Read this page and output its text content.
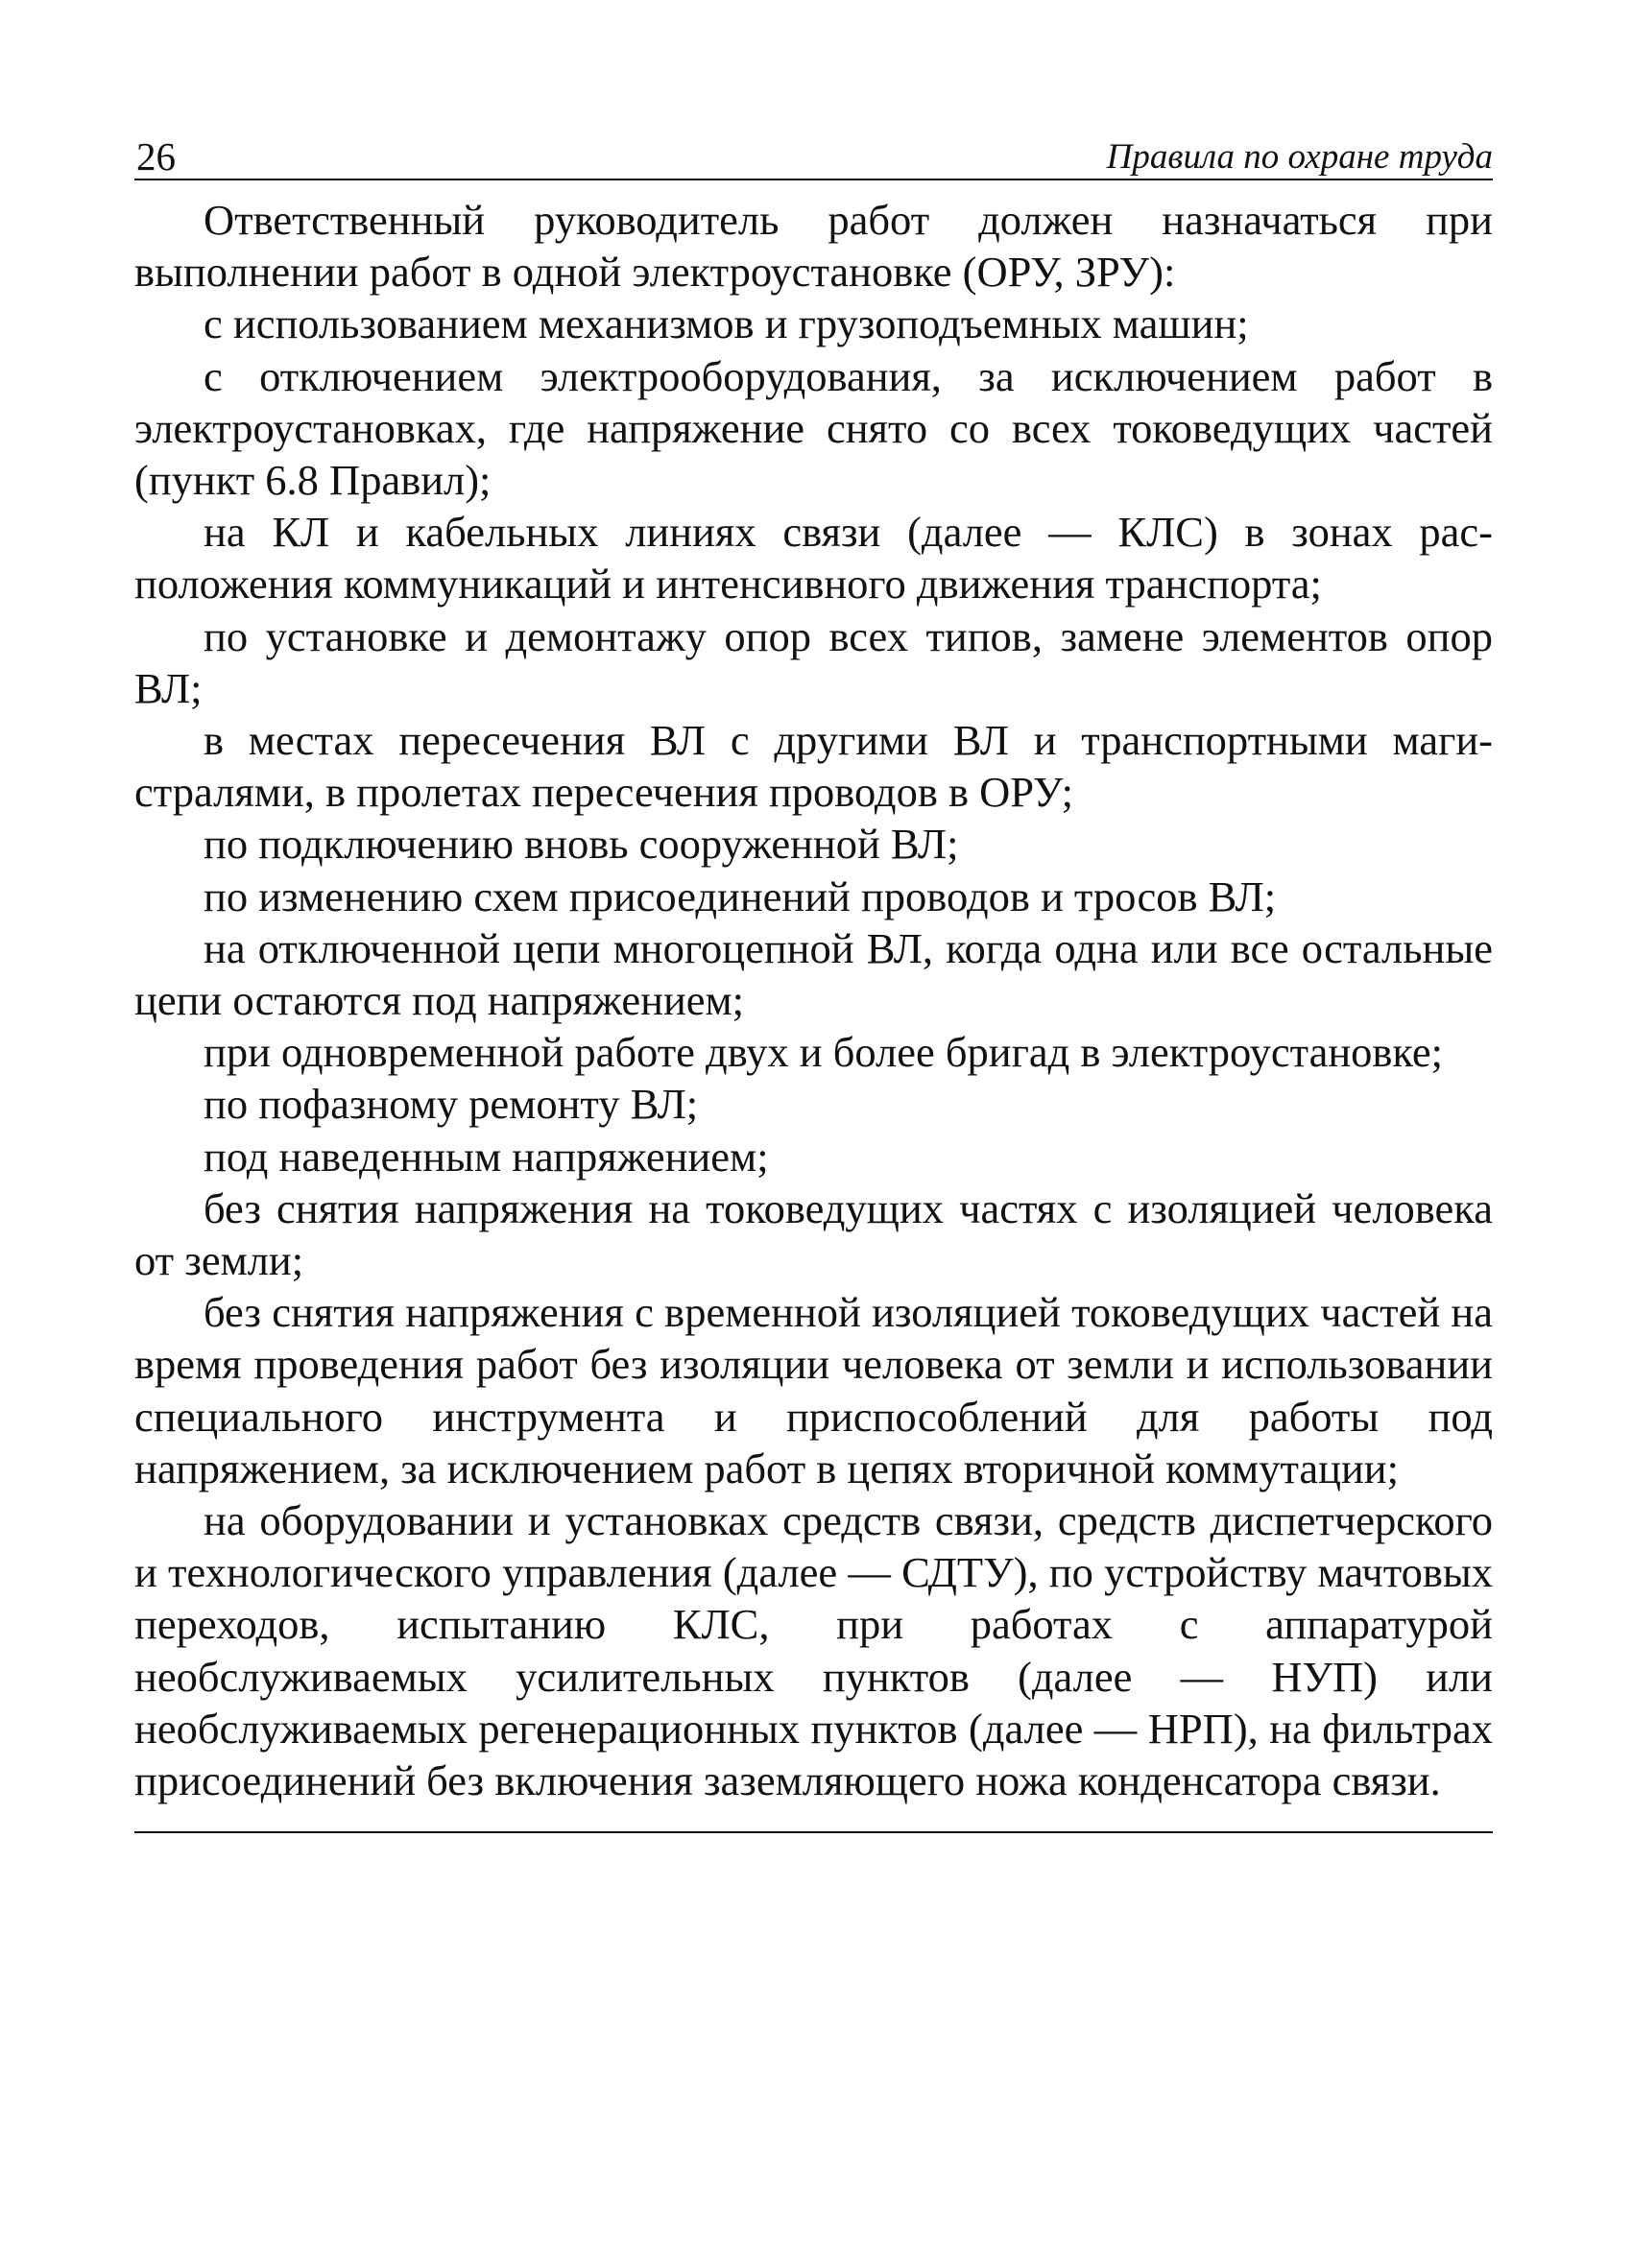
26	Правила по охране труда

Ответственный руководитель работ должен назначаться при выполнении работ в одной электроустановке (ОРУ, ЗРУ):

с использованием механизмов и грузоподъемных машин;

с отключением электрооборудования, за исключением работ в электроустановках, где напряжение снято со всех токоведущих частей (пункт 6.8 Правил);

на КЛ и кабельных линиях связи (далее — КЛС) в зонах расположения коммуникаций и интенсивного движения транспорта;

по установке и демонтажу опор всех типов, замене элементов опор ВЛ;

в местах пересечения ВЛ с другими ВЛ и транспортными магистралями, в пролетах пересечения проводов в ОРУ;

по подключению вновь сооруженной ВЛ;

по изменению схем присоединений проводов и тросов ВЛ;

на отключенной цепи многоцепной ВЛ, когда одна или все остальные цепи остаются под напряжением;

при одновременной работе двух и более бригад в электроустановке;

по пофазному ремонту ВЛ;

под наведенным напряжением;

без снятия напряжения на токоведущих частях с изоляцией человека от земли;

без снятия напряжения с временной изоляцией токоведущих частей на время проведения работ без изоляции человека от земли и использовании специального инструмента и приспособлений для работы под напряжением, за исключением работ в цепях вторичной коммутации;

на оборудовании и установках средств связи, средств диспетчерского и технологического управления (далее — СДТУ), по устройству мачтовых переходов, испытанию КЛС, при работах с аппаратурой необслуживаемых усилительных пунктов (далее — НУП) или необслуживаемых регенерационных пунктов (далее — НРП), на фильтрах присоединений без включения заземляющего ножа конденсатора связи.
